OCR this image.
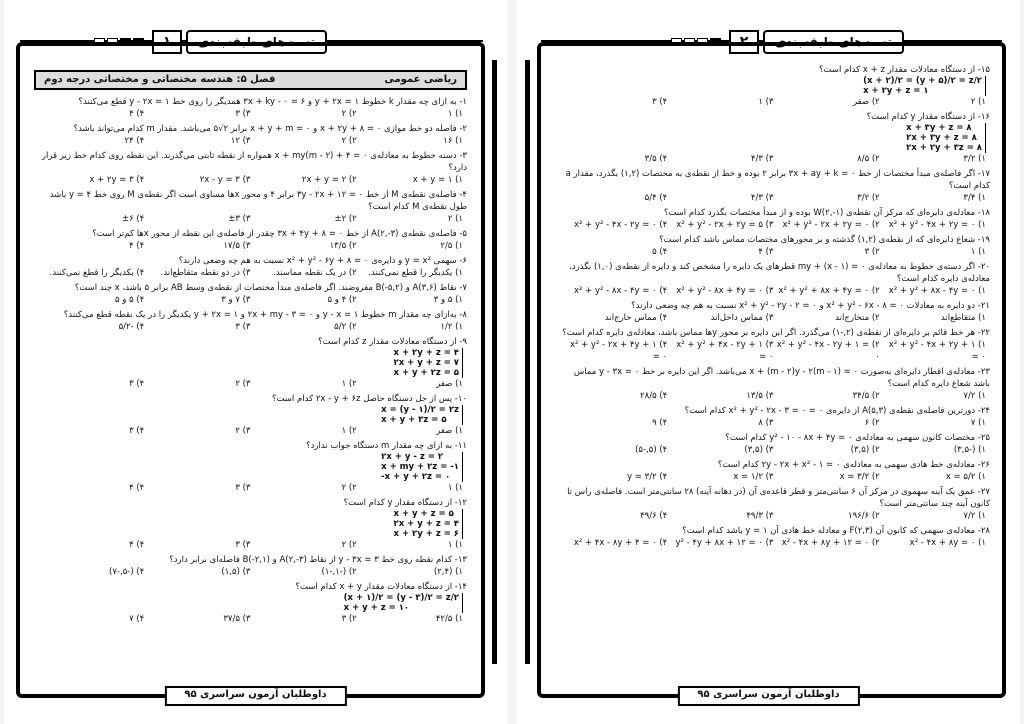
تست‌های طبقه‌بندی
۱
ریاضی عمومی
فصل ۵: هندسه مختصاتی و مختصاتی درجه دوم
۱- به ازای چه مقدار k خطوط ۱ = y + ۲x و ۶ = ۰ - ۳x + ky همدیگر را روی خط ۱ = y - ۲x قطع می‌کنند؟
۱) ۱
۲) ۲
۳) ۳
۴) ۴
۲- فاصله دو خط موازی ۰ = x + ۲y + ۸ و x + y + m = ۰ برابر ۲√۵ می‌باشد. مقدار m کدام می‌تواند باشد؟
۱) ۱۶
۲) ۲
۳) ۱۲
۴) ۲۴
۳- دسته خطوط به معادله‌ی ۰ = ۴ + (m - ۲)x + my همواره از نقطه ثابتی می‌گذرند. این نقطه روی کدام خط زیر قرار دارد؟
۱) x + y = ۱
۲) ۲x + y = ۲
۳) ۲x - y = ۳
۴) x + ۲y = ۳
۴- فاصله‌ی نقطه‌ی M از خط ۰ = ۳y - ۲x + ۱۲ برابر ۴ و محور x‌ها مساوی است اگر نقطه‌ی M روی خط ۴ = y باشد طول نقطه‌ی M کدام است؟
۱) ۲
۲) ±۲
۳) ±۳
۴) ±۶
۵- فاصله‌ی نقطه‌ی A(۲,-۳) از خط ۰ = ۳x + ۴y + ۸ چقدر از فاصله‌ی این نقطه از محور x‌ها کم‌تر است؟
۱) ۲/۵
۲) ۱۳/۵
۳) ۱۷/۵
۴) ۴
۶- سهمی y = x² و دایره‌ی ۰ = x² + y² - ۶y + ۸ نسبت به هم چه وضعی دارند؟
۱) یکدیگر را قطع نمی‌کنند.
۲) در یک نقطه مماسند.
۳) در دو نقطه متقاطع‌اند.
۴) یکدیگر را قطع نمی‌کنند.
۷- نقاط A(۳,۶) و B(-۵,۲) مفروضند. اگر فاصله‌ی مبدأ مختصات از نقطه‌ی وسط AB برابر ۵ باشد، x چند است؟
۱) ۵ و ۳
۲) ۴ و ۵
۳) ۷ و ۳
۴) ۵ و ۵
۸- به‌ازای چه مقدار m خطوط ۱ = y - x و ۰ = ۲x + my - ۳ و ۱ = y + ۲x یکدیگر را در یک نقطه قطع می‌کنند؟
۱) ۱/۲
۲) ۵/۲
۳) ۳
۴) -۵/۲
۹- از دستگاه معادلات مقدار z کدام است؟
x + ۲y + z = ۴
۲x + y + z = ۷
x + y + ۲z = ۵
۱) صفر
۲) ۱
۳) ۲
۴) ۳
۱۰- پس از حل دستگاه حاصل ۲x - y + ۶z کدام است؟
x = (y - ۱)/۲ = ۲z
x + y + ۳z = ۵
۱) صفر
۲) ۱
۳) ۲
۴) ۳
۱۱- به ازای چه مقدار m دستگاه جواب ندارد؟
۲x + y - z = ۲
x + my + ۲z = -۱
-x + y + ۲z = ۰
۱) ۱
۲) ۲
۳) ۳
۴) ۴
۱۲- از دستگاه مقدار y کدام است؟
x + y + z = ۵
۲x + y + z = ۴
x + ۲y + z = ۶
۱) ۱
۲) ۲
۳) ۳
۴) ۴
۱۳- کدام نقطه روی خط ۳ = y - ۳x از نقاط A(۲,-۳) و B(-۲,۱) فاصله‌ای برابر دارد؟
۱) (۲,۴)
۲) (-۱,-۱)
۳) (۱,۵)
۴) (-۵,-۷)
۱۴- از دستگاه معادلات مقدار x + y کدام است؟
(x + ۱)/۲ = (y - ۳)/۲ = z/۲
x + y + z = ۱۰
۱) ۴۲/۵
۲) ۳
۳) ۳۷/۵
۴) ۷
داوطلبان آزمون سراسری ۹۵
تست‌های طبقه‌بندی
۲
۱۵- از دستگاه معادلات مقدار x + z کدام است؟
(x + ۲)/۲ = (y + ۵)/۲ = z/۲
x + ۲y + z = ۱
۱) ۲
۲) صفر
۳) ۱
۴) ۳
۱۶- از دستگاه مقدار y کدام است؟
x + ۳y + z = ۸
۲x + ۳y + z = ۸
۲x + ۲y + ۳z = ۸
۱) ۳/۲
۲) ۸/۵
۳) ۴/۳
۴) ۳/۵
۱۷- اگر فاصله‌ی مبدأ مختصات از خط ۰ = ۳x + ay + k برابر ۲ بوده و خط از نقطه‌ی به مختصات (۱,۲) بگذرد، مقدار a کدام است؟
۱) ۳/۴
۲) ۳/۲
۳) ۴/۳
۴) ۵/۴
۱۸- معادله‌ی دایره‌ای که مرکز آن نقطه‌ی W(۲,-۱) بوده و از مبدأ مختصات بگذرد کدام است؟
۱) x² + y² - ۴x + ۲y = ۰
۲) x² + y² - ۲x + ۲y = ۰
۳) x² + y² - ۲x + ۲y = ۵
۴) x² + y² - ۴x - ۲y = ۰
۱۹- شعاع دایره‌ای که از نقطه‌ی (۱,۲) گذشته و بر محورهای مختصات مماس باشد کدام است؟
۱) ۱
۲) ۳
۳) ۴
۴) ۵
۲۰- اگر دسته‌ی خطوط به معادله‌ی ۰ = (x - ۱) + my قطرهای یک دایره را مشخص کند و دایره از نقطه‌ی (۱,۰) بگذرد، معادله‌ی دایره کدام است؟
۱) x² + y² + ۸x - ۴y = ۰
۲) x² + y² + ۸x + ۴y = ۰
۳) x² + y² - ۸x + ۴y = ۰
۴) x² + y² - ۸x - ۴y = ۰
۲۱- دو دایره به معادلات ۰ = x² + y² - ۶x - ۸ و ۰ = x² + y² - ۲y - ۲ نسبت به هم چه وضعی دارند؟
۱) متقاطع‌اند
۲) متخارج‌اند
۳) مماس داخل‌اند
۴) مماس خارج‌اند
۲۲- هر خط قائم بر دایره‌ای از نقطه‌ی (۲,-۱) می‌گذرد. اگر این دایره بر محور y‌ها مماس باشد، معادله‌ی دایره کدام است؟
۱) x² + y² - ۴x + ۲y + ۱ = ۰
۲) x² + y² - ۴x - ۲y + ۱ = ۰
۳) x² + y² + ۴x - ۲y + ۱ = ۰
۴) x² + y² - ۲x + ۴y + ۱ = ۰
۲۳- معادله‌ی اقطار دایره‌ای به‌صورت ۰ = (m - ۱)x + (m - ۲)y - ۲ می‌باشد. اگر این دایره بر خط ۰ = y - ۳x مماس باشد شعاع دایره کدام است؟
۱) ۷/۲
۲) ۳۴/۵
۳) ۱۳/۵
۴) ۲۸/۵
۲۴- دورترین فاصله‌ی نقطه‌ی A(۵,۳) از دایره‌ی ۰ = x² + y² - ۲x - ۳ = ۰ کدام است؟
۱) ۷
۲) ۶
۳) ۸
۴) ۹
۲۵- مختصات کانون سهمی به معادله‌ی ۰ = y² - ۱۰ - ۸x + ۴y کدام است؟
۱) (-۳,۵)
۲) (۳,۵)
۳) (۳,۵)
۴) (۵,-۵)
۲۶- معادله‌ی خط هادی سهمی به معادله‌ی ۰ = ۱ - ۲y - ۲x + x² کدام است؟
۱) x = ۵/۲
۲) x = ۳/۲
۳) x = ۱/۲
۴) y = ۳/۲
۲۷- عمق یک آینه سهموی در مرکز آن ۶ سانتی‌متر و قطر قاعده‌ی آن (در دهانه آینه) ۲۸ سانتی‌متر است. فاصله‌ی راس تا کانون آینه چند سانتی‌متر است؟
۱) ۷/۲
۲) ۱۹۶/۶
۳) ۴۹/۳
۴) ۴۹/۶
۲۸- معادله‌ی سهمی که کانون آن F(۲,۳) و معادله خط هادی آن ۱ = y باشد کدام است؟
۱) x² - ۴x + ۸y = ۰
۲) x² - ۴x + ۸y + ۱۲ = ۰
۳) y² - ۴y + ۸x + ۱۲ = ۰
۴) x² + ۴x - ۸y + ۴ = ۰
داوطلبان آزمون سراسری ۹۵
